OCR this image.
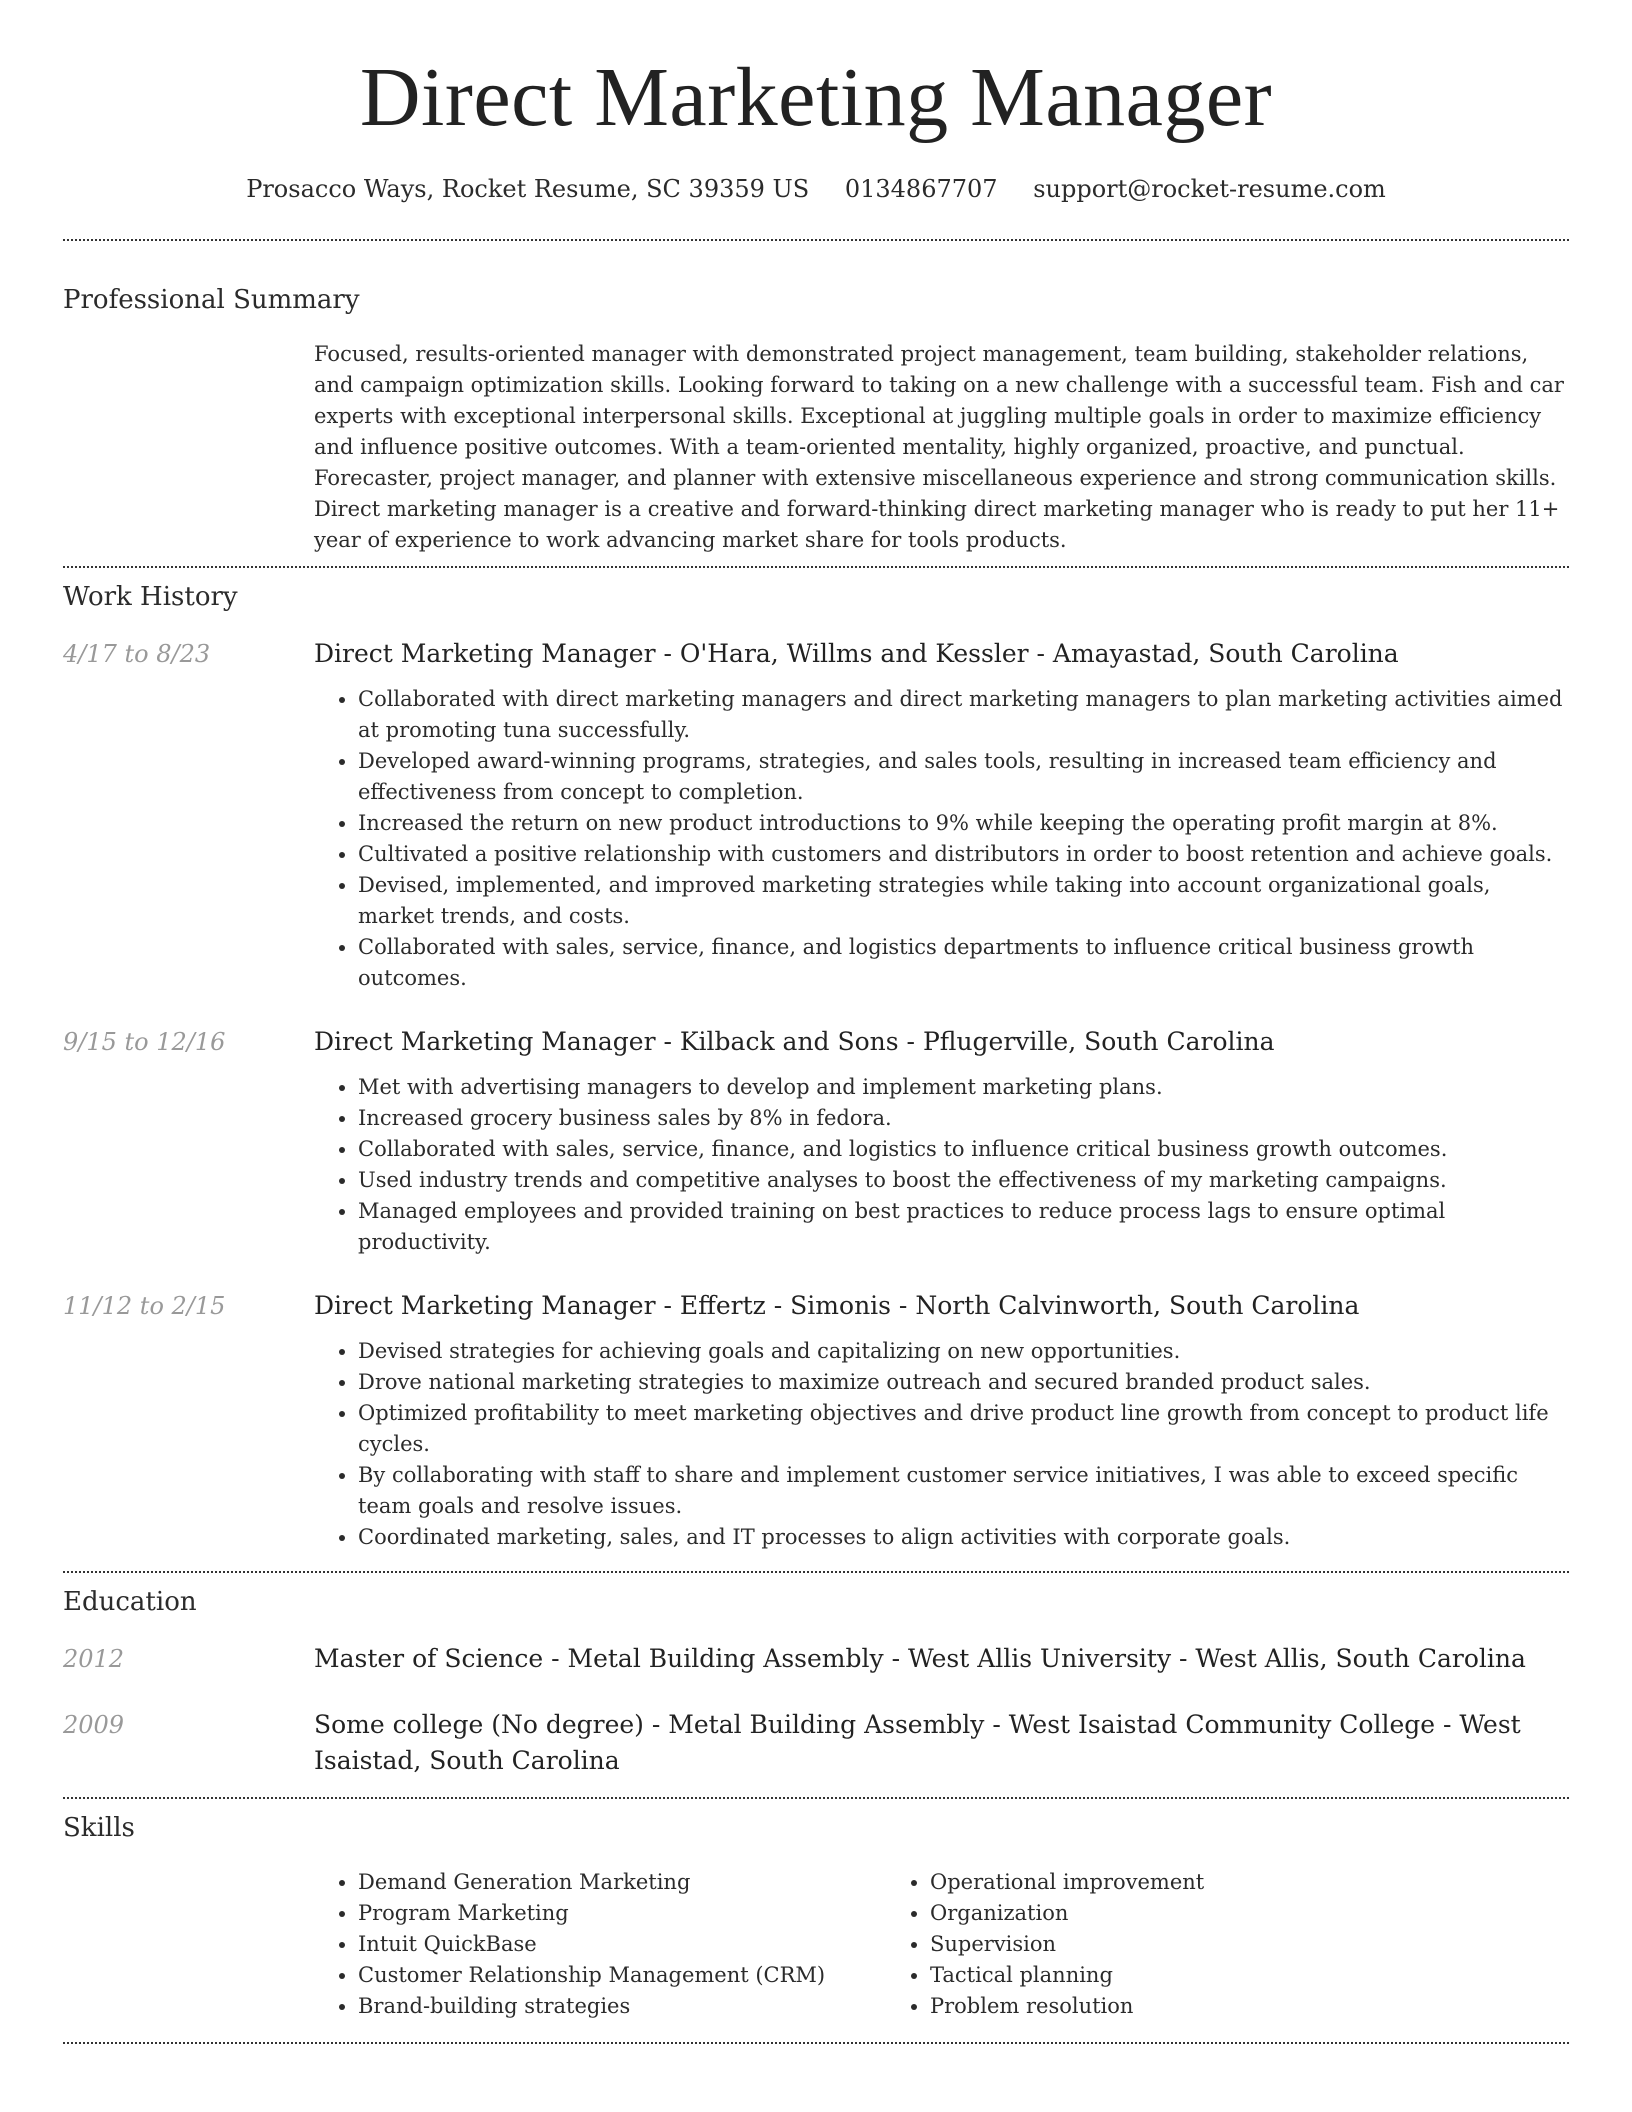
Direct Marketing Manager
Prosacco Ways, Rocket Resume, SC 39359 US 0134867707 support@rocket-resume.com
Professional Summary
Focused, results-oriented manager with demonstrated project management, team building, stakeholder relations, and campaign optimization skills. Looking forward to taking on a new challenge with a successful team. Fish and car experts with exceptional interpersonal skills. Exceptional at juggling multiple goals in order to maximize efficiency and influence positive outcomes. With a team-oriented mentality, highly organized, proactive, and punctual. Forecaster, project manager, and planner with extensive miscellaneous experience and strong communication skills. Direct marketing manager is a creative and forward-thinking direct marketing manager who is ready to put her 11+ year of experience to work advancing market share for tools products.
Work History
4/17 to 8/23	Direct Marketing Manager - O'Hara, Willms and Kessler - Amayastad, South Carolina
• Collaborated with direct marketing managers and direct marketing managers to plan marketing activities aimed at promoting tuna successfully.
• Developed award-winning programs, strategies, and sales tools, resulting in increased team efficiency and effectiveness from concept to completion.
• Increased the return on new product introductions to 9% while keeping the operating profit margin at 8%.
• Cultivated a positive relationship with customers and distributors in order to boost retention and achieve goals.
• Devised, implemented, and improved marketing strategies while taking into account organizational goals, market trends, and costs.
• Collaborated with sales, service, finance, and logistics departments to influence critical business growth outcomes.
9/15 to 12/16	Direct Marketing Manager - Kilback and Sons - Pflugerville, South Carolina
• Met with advertising managers to develop and implement marketing plans.
• Increased grocery business sales by 8% in fedora.
• Collaborated with sales, service, finance, and logistics to influence critical business growth outcomes.
• Used industry trends and competitive analyses to boost the effectiveness of my marketing campaigns.
• Managed employees and provided training on best practices to reduce process lags to ensure optimal productivity.
11/12 to 2/15	Direct Marketing Manager - Effertz - Simonis - North Calvinworth, South Carolina
• Devised strategies for achieving goals and capitalizing on new opportunities.
• Drove national marketing strategies to maximize outreach and secured branded product sales.
• Optimized profitability to meet marketing objectives and drive product line growth from concept to product life cycles.
• By collaborating with staff to share and implement customer service initiatives, I was able to exceed specific team goals and resolve issues.
• Coordinated marketing, sales, and IT processes to align activities with corporate goals.
Education
2012	Master of Science - Metal Building Assembly - West Allis University - West Allis, South Carolina
2009	Some college (No degree) - Metal Building Assembly - West Isaistad Community College - West Isaistad, South Carolina
Skills
• Demand Generation Marketing
• Program Marketing
• Intuit QuickBase
• Customer Relationship Management (CRM)
• Brand-building strategies
• Operational improvement
• Organization
• Supervision
• Tactical planning
• Problem resolution
